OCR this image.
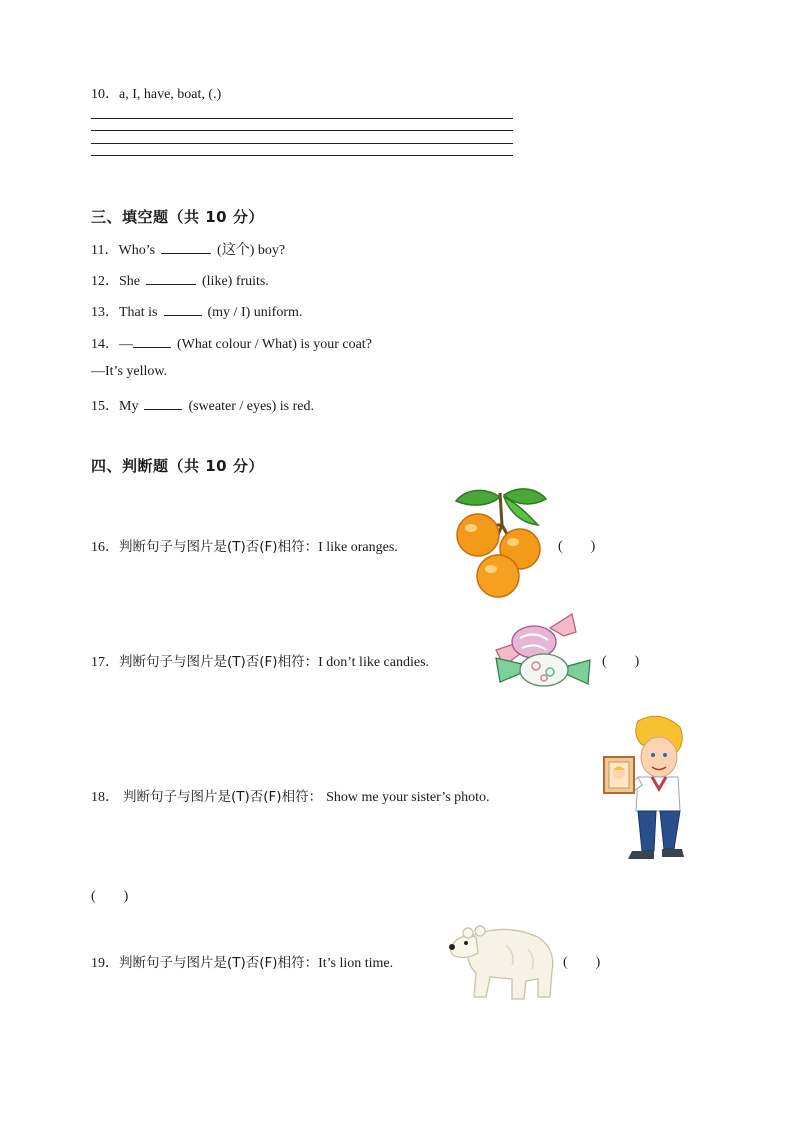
10．a, I, have, boat, (.)
三、填空题（共 10 分）
11．Who’s	(这个) boy?
12．She	(like) fruits.
13．That is	(my / I) uniform.
14．—	(What colour / What) is your coat?
—It’s yellow.
15．My	(sweater / eyes) is red.
四、判断题（共 10 分）
16．判断句子与图片是(T)否(F)相符：I like oranges.	(　　)
17．判断句子与图片是(T)否(F)相符：I don’t like candies.	(　　)
18． 判断句子与图片是(T)否(F)相符： Show me your sister’s photo.
(　　)
19．判断句子与图片是(T)否(F)相符：It’s lion time.	(　　)
